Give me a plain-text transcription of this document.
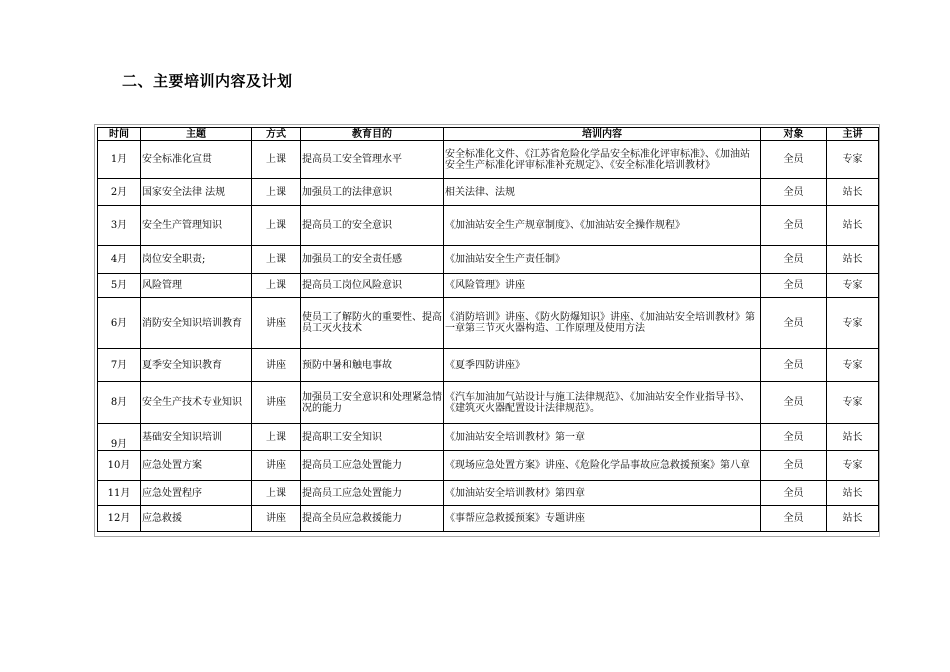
二、主要培训内容及计划
时间	主题	方式	教育目的	培训内容	对象	主讲
1月	安全标准化宣贯	上课	提高员工安全管理水平	安全标准化文件、《江苏省危险化学品安全标准化评审标准》、《加油站安全生产标准化评审标准补充规定》、《安全标准化培训教材》	全员	专家
2月	国家安全法律 法规	上课	加强员工的法律意识	相关法律、法规	全员	站长
3月	安全生产管理知识	上课	提高员工的安全意识	《加油站安全生产规章制度》、《加油站安全操作规程》	全员	站长
4月	岗位安全职责;	上课	加强员工的安全责任感	《加油站安全生产责任制》	全员	站长
5月	风险管理	上课	提高员工岗位风险意识	《风险管理》讲座	全员	专家
6月	消防安全知识培训教育	讲座	使员工了解防火的重要性、提高员工灭火技术	《消防培训》讲座、《防火防爆知识》讲座、《加油站安全培训教材》第一章第三节灭火器构造、工作原理及使用方法	全员	专家
7月	夏季安全知识教育	讲座	预防中暑和触电事故	《夏季四防讲座》	全员	专家
8月	安全生产技术专业知识	讲座	加强员工安全意识和处理紧急情况的能力	《汽车加油加气站设计与施工法律规范》、《加油站安全作业指导书》、《建筑灭火器配置设计法律规范》。	全员	专家
9月	基础安全知识培训	上课	提高职工安全知识	《加油站安全培训教材》第一章	全员	站长
10月	应急处置方案	讲座	提高员工应急处置能力	《现场应急处置方案》讲座、《危险化学品事故应急救援预案》第八章	全员	专家
11月	应急处置程序	上课	提高员工应急处置能力	《加油站安全培训教材》第四章	全员	站长
12月	应急救援	讲座	提高全员应急救援能力	《事帮应急救援预案》专题讲座	全员	站长
